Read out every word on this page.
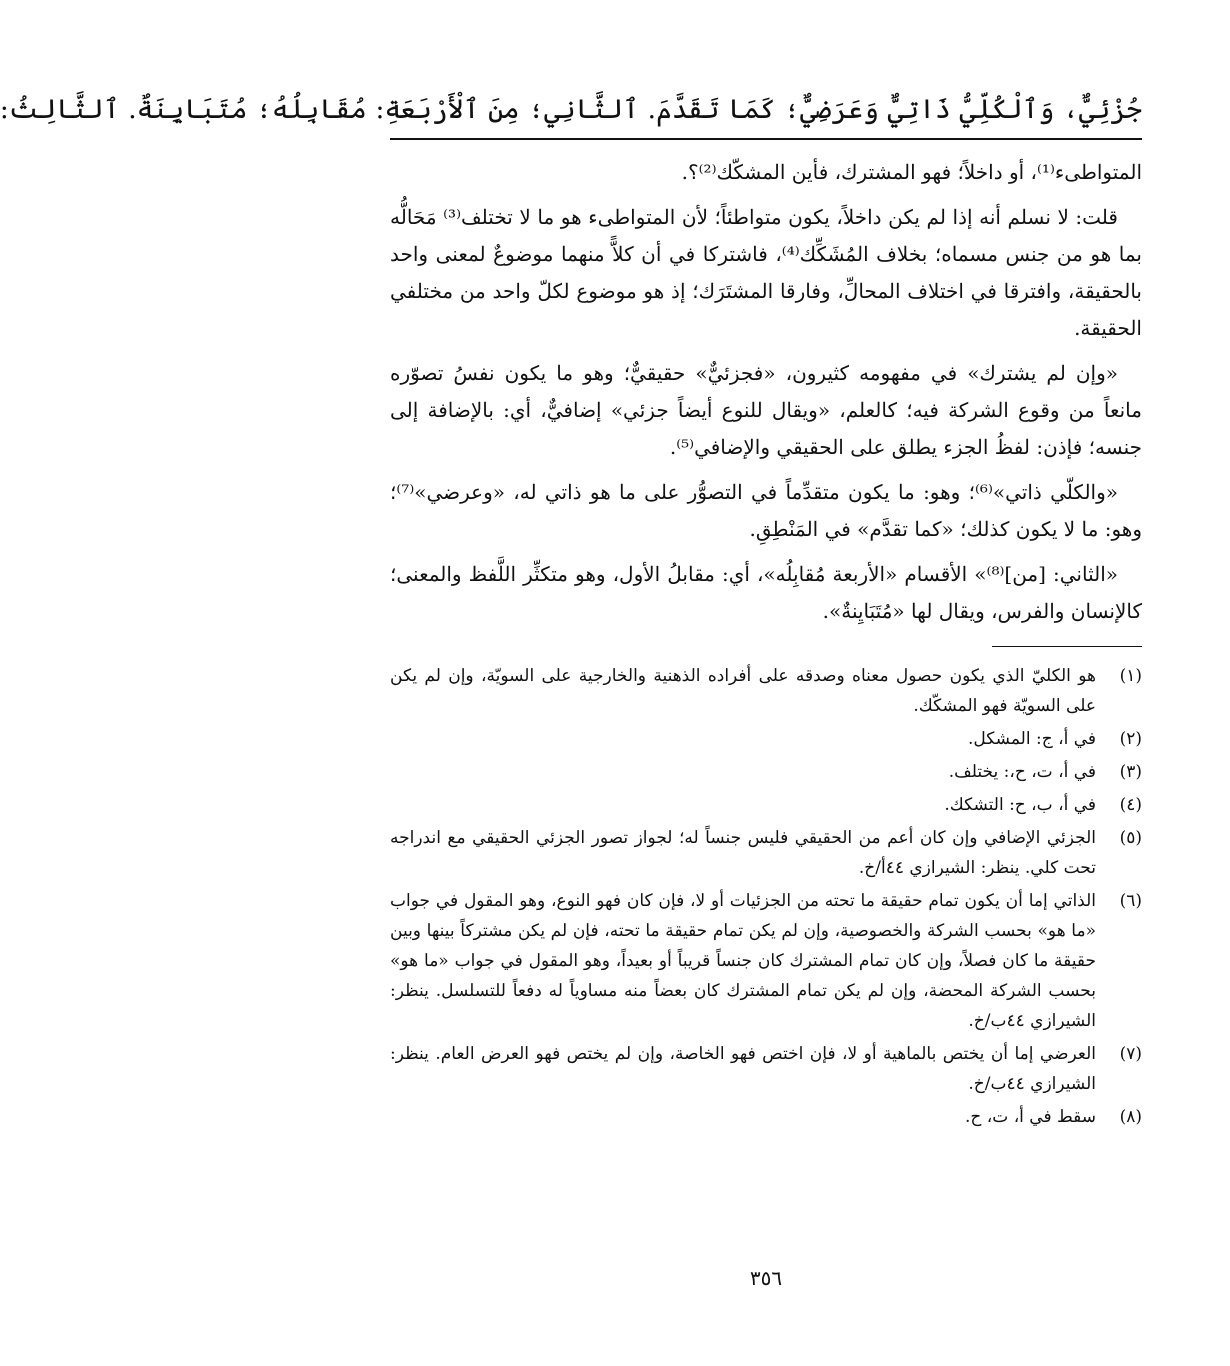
جُزْئِيٌّ، وَٱلْكُلِّيُّ ذَاتِيٌّ وَعَرَضِيٌّ؛ كَمَا تَقَدَّمَ. ٱلثَّانِي؛ مِنَ ٱلْأَرْبَعَةِ: مُقَابِلُهُ؛ مُتَبَايِنَةٌ. ٱلثَّالِثُ:

المتواطىء⁽¹⁾، أو داخلاً؛ فهو المشترك، فأين المشكّك⁽²⁾؟.

قلت: لا نسلم أنه إذا لم يكن داخلاً، يكون متواطئاً؛ لأن المتواطىء هو ما لا تختلف⁽³⁾ مَحَالُّه بما هو من جنس مسماه؛ بخلاف المُشَكِّك⁽⁴⁾، فاشتركا في أن كلاًّ منهما موضوعٌ لمعنى واحد بالحقيقة، وافترقا في اختلاف المحالِّ، وفارقا المشتَرَك؛ إذ هو موضوع لكلّ واحد من مختلفي الحقيقة.

«وإن لم يشترك» في مفهومه كثيرون، «فجزئيٌّ» حقيقيٌّ؛ وهو ما يكون نفسُ تصوّره مانعاً من وقوع الشركة فيه؛ كالعلم، «ويقال للنوع أيضاً جزئي» إضافيٌّ، أي: بالإضافة إلى جنسه؛ فإذن: لفظُ الجزء يطلق على الحقيقي والإضافي⁽⁵⁾.

«والكلّي ذاتي»⁽⁶⁾؛ وهو: ما يكون متقدِّماً في التصوُّر على ما هو ذاتي له، «وعرضي»⁽⁷⁾؛ وهو: ما لا يكون كذلك؛ «كما تقدَّم» في المَنْطِقِ.

«الثاني: [من]⁽⁸⁾» الأقسام «الأربعة مُقابِلُه»، أي: مقابلُ الأول، وهو متكثِّر اللَّفظ والمعنى؛ كالإنسان والفرس، ويقال لها «مُتَبَايِنةٌ».

(١)
هو الكليّ الذي يكون حصول معناه وصدقه على أفراده الذهنية والخارجية على السويّة، وإن لم يكن على السويّة فهو المشكّك.
(٢)
في أ، ج: المشكل.
(٣)
في أ، ت، ح،: يختلف.
(٤)
في أ، ب، ح: التشكك.
(٥)
الجزئي الإضافي وإن كان أعم من الحقيقي فليس جنساً له؛ لجواز تصور الجزئي الحقيقي مع اندراجه تحت كلي. ينظر: الشيرازي ٤٤أ/خ.
(٦)
الذاتي إما أن يكون تمام حقيقة ما تحته من الجزئيات أو لا، فإن كان فهو النوع، وهو المقول في جواب «ما هو» بحسب الشركة والخصوصية، وإن لم يكن تمام حقيقة ما تحته، فإن لم يكن مشتركاً بينها وبين حقيقة ما كان فصلاً، وإن كان تمام المشترك كان جنساً قريباً أو بعيداً، وهو المقول في جواب «ما هو» بحسب الشركة المحضة، وإن لم يكن تمام المشترك كان بعضاً منه مساوياً له دفعاً للتسلسل. ينظر: الشيرازي ٤٤ب/خ.
(٧)
العرضي إما أن يختص بالماهية أو لا، فإن اختص فهو الخاصة، وإن لم يختص فهو العرض العام. ينظر: الشيرازي ٤٤ب/خ.
(٨)
سقط في أ، ت، ح.
٣٥٦
